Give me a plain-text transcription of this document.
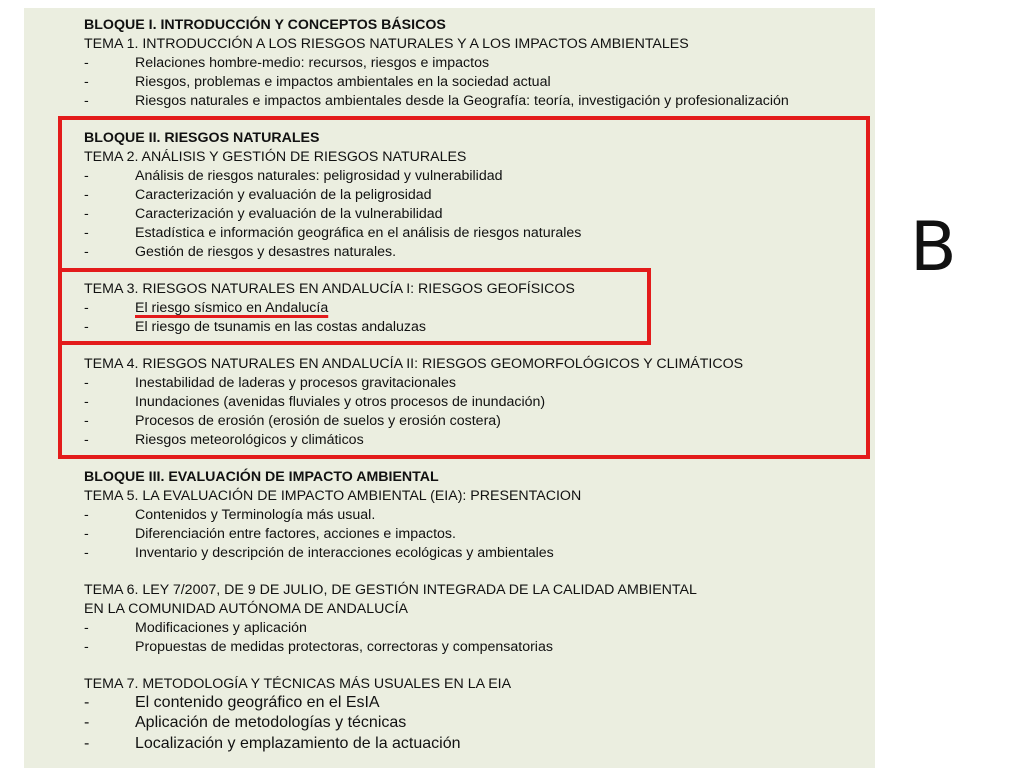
BLOQUE I. INTRODUCCIÓN Y CONCEPTOS BÁSICOS
TEMA 1. INTRODUCCIÓN A LOS RIESGOS NATURALES Y A LOS IMPACTOS AMBIENTALES
-	Relaciones hombre-medio: recursos, riesgos e impactos
-	Riesgos, problemas e impactos ambientales en la sociedad actual
-	Riesgos naturales e impactos ambientales desde la Geografía: teoría, investigación y profesionalización
BLOQUE II. RIESGOS NATURALES
TEMA 2. ANÁLISIS Y GESTIÓN DE RIESGOS NATURALES
-	Análisis de riesgos naturales: peligrosidad y vulnerabilidad
-	Caracterización y evaluación de la peligrosidad
-	Caracterización y evaluación de la vulnerabilidad
-	Estadística e información geográfica en el análisis de riesgos naturales
-	Gestión de riesgos y desastres naturales.
TEMA 3. RIESGOS NATURALES EN ANDALUCÍA I: RIESGOS GEOFÍSICOS
-	El riesgo sísmico en Andalucía
-	El riesgo de tsunamis en las costas andaluzas
TEMA 4. RIESGOS NATURALES EN ANDALUCÍA II: RIESGOS GEOMORFOLÓGICOS Y CLIMÁTICOS
-	Inestabilidad de laderas y procesos gravitacionales
-	Inundaciones (avenidas fluviales y otros procesos de inundación)
-	Procesos de erosión (erosión de suelos y erosión costera)
-	Riesgos meteorológicos y climáticos
BLOQUE III. EVALUACIÓN DE IMPACTO AMBIENTAL
TEMA 5. LA EVALUACIÓN DE IMPACTO AMBIENTAL (EIA): PRESENTACION
-	Contenidos y Terminología más usual.
-	Diferenciación entre factores, acciones e impactos.
-	Inventario y descripción de interacciones ecológicas y ambientales
TEMA 6. LEY 7/2007, DE 9 DE JULIO, DE GESTIÓN INTEGRADA DE LA CALIDAD AMBIENTAL
EN LA COMUNIDAD AUTÓNOMA DE ANDALUCÍA
-	Modificaciones y aplicación
-	Propuestas de medidas protectoras, correctoras y compensatorias
TEMA 7. METODOLOGÍA Y TÉCNICAS MÁS USUALES EN LA EIA
-	El contenido geográfico en el EsIA
-	Aplicación de metodologías y técnicas
-	Localización y emplazamiento de la actuación
B
